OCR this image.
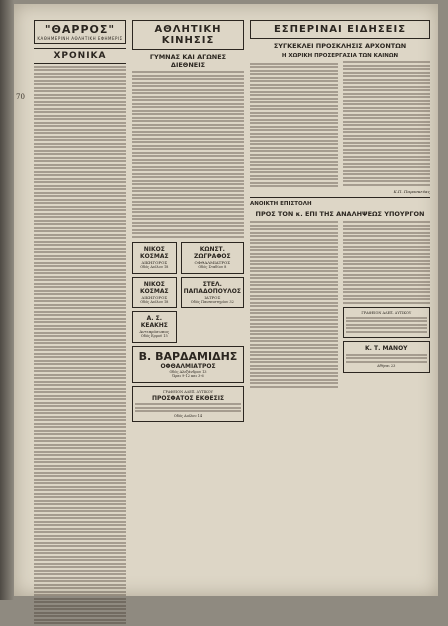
70
"ΘΑΡΡΟΣ"
ΚΑΘΗΜΕΡΙΝΗ ΑΘΛΗΤΙΚΗ ΕΦΗΜΕΡΙΣ
ΧΡΟΝΙΚΑ
ΑΘΛΗΤΙΚΗ ΚΙΝΗΣΙΣ
ΓΥΜΝΑΣ ΚΑΙ ΑΓΩΝΕΣ ΔΙΕΘΝΕΙΣ
ΝΙΚΟΣ ΚΟΣΜΑΣ
ΔΙΚΗΓΟΡΟΣ
Οδός Αιόλου 18
ΝΙΚΟΣ ΚΟΣΜΑΣ
ΔΙΚΗΓΟΡΟΣ
Οδός Αιόλου 18
Α. Σ. ΚΕΑΚΗΣ
Αντιπρόσωπος
Οδός Ερμού 15
ΚΩΝΣΤ. ΖΩΓΡΑΦΟΣ
ΟΦΘΑΛΜΙΑΤΡΟΣ
Οδός Σταδίου 8
ΣΤΕΛ. ΠΑΠΑΔΟΠΟΥΛΟΣ
ΙΑΤΡΟΣ
Οδός Πανεπιστημίου 32
Β. ΒΑΡΔΑΜΙΔΗΣ
ΟΦΘΑΛΜΙΑΤΡΟΣ
Οδός Αλεξάνδρου 13
Ώραι 9-12 και 3-6
ΓΡΑΦΕΙΟΝ ΑΛΕΞ. ΔΥΤΙΚΟΥ
ΠΡΟΣΦΑΤΟΣ ΕΚΘΕΣΙΣ
Οδός Αιόλου 14
ΕΣΠΕΡΙΝΑΙ ΕΙΔΗΣΕΙΣ
ΣΥΓΚΕΚΛΕΙ ΠΡΟΣΚΛΗΣΙΣ ΑΡΧΟΝΤΩΝ
Η ΧΩΡΙΚΗ ΠΡΟΣΕΡΓΑΣΙΑ ΤΩΝ ΚΑΙΝΩΝ
Κ.Π. Παρασκεύας
ΑΝΟΙΚΤΗ ΕΠΙΣΤΟΛΗ
ΠΡΟΣ ΤΟΝ κ. ΕΠΙ ΤΗΣ ΑΝΑΛΗΨΕΩΣ ΥΠΟΥΡΓΟΝ
ΓΡΑΦΕΙΟΝ ΑΛΕΞ. ΔΥΤΙΚΟΥ
Κ. Τ. ΜΑΝΟΥ
Αθήναι 23
